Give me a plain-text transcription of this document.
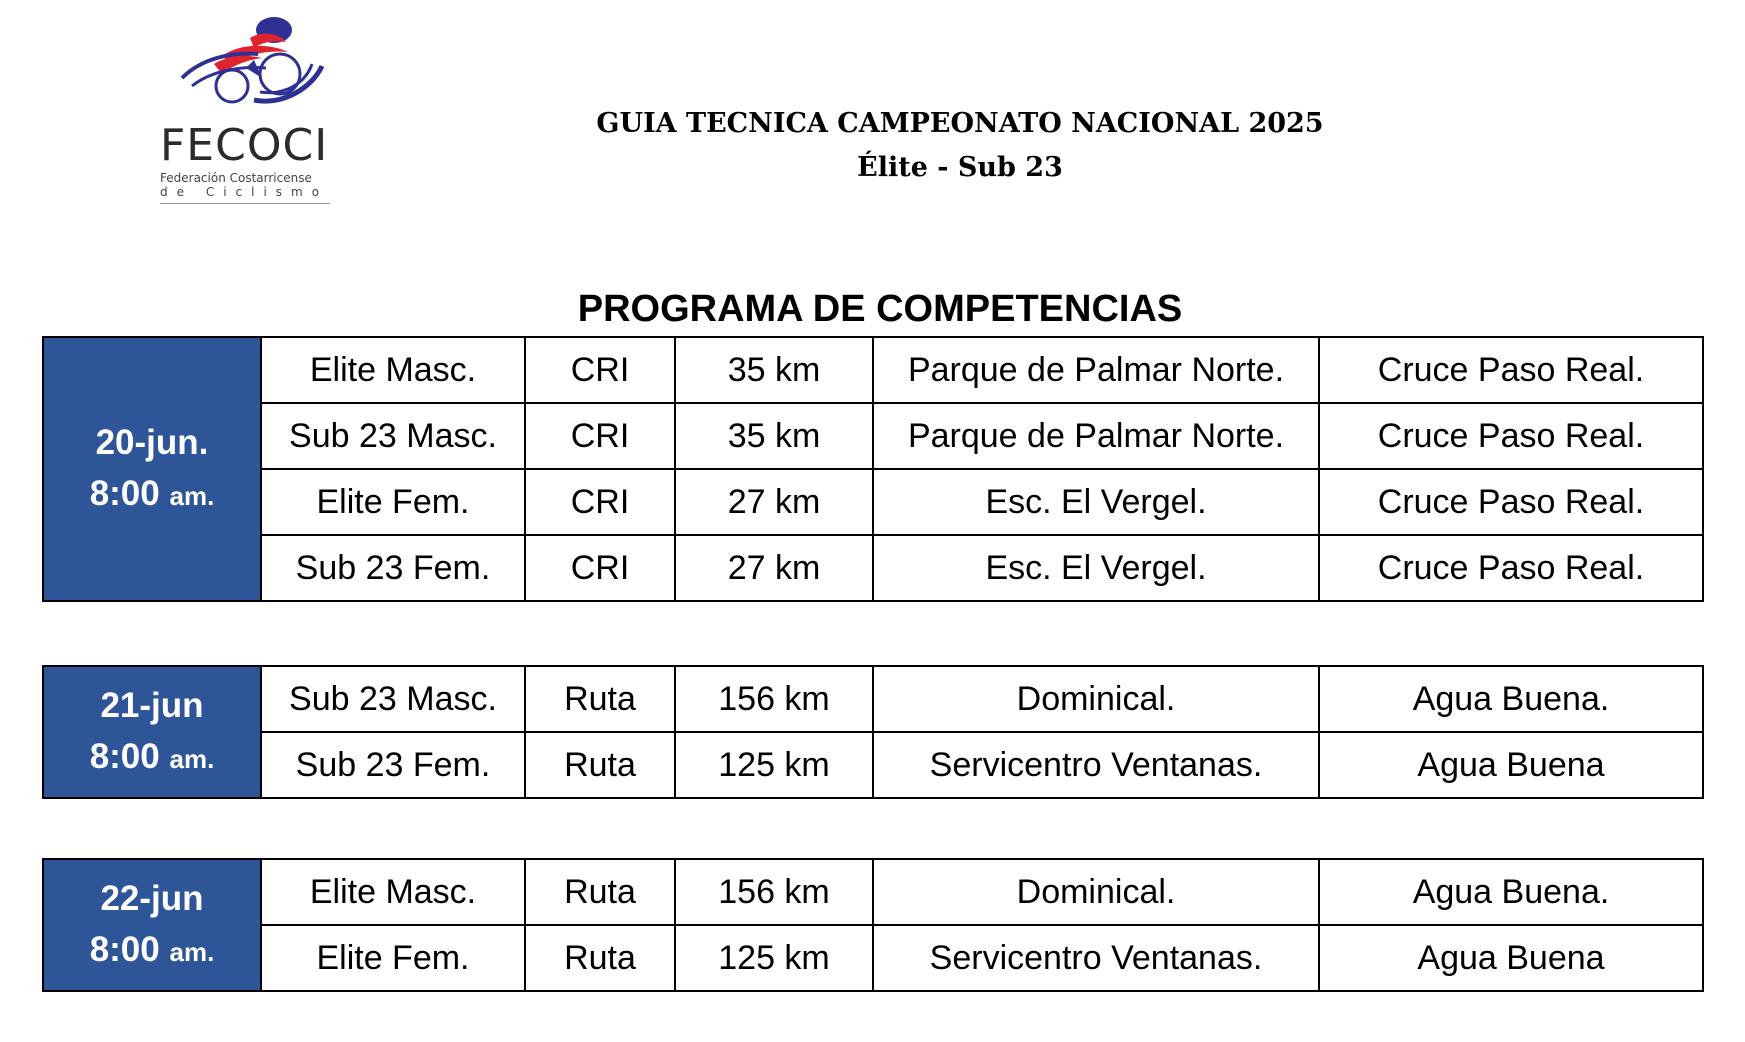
FECOCI
Federación Costarricense
de Ciclismo
GUIA TECNICA CAMPEONATO NACIONAL 2025
Élite - Sub 23
PROGRAMA DE COMPETENCIAS
20-jun.
8:00 am.	Elite Masc.	CRI	35 km	Parque de Palmar Norte.	Cruce Paso Real.
	Sub 23 Masc.	CRI	35 km	Parque de Palmar Norte.	Cruce Paso Real.
	Elite Fem.	CRI	27 km	Esc. El Vergel.	Cruce Paso Real.
	Sub 23 Fem.	CRI	27 km	Esc. El Vergel.	Cruce Paso Real.
21-jun
8:00 am.	Sub 23 Masc.	Ruta	156 km	Dominical.	Agua Buena.
	Sub 23 Fem.	Ruta	125 km	Servicentro Ventanas.	Agua Buena
22-jun
8:00 am.	Elite Masc.	Ruta	156 km	Dominical.	Agua Buena.
	Elite Fem.	Ruta	125 km	Servicentro Ventanas.	Agua Buena
